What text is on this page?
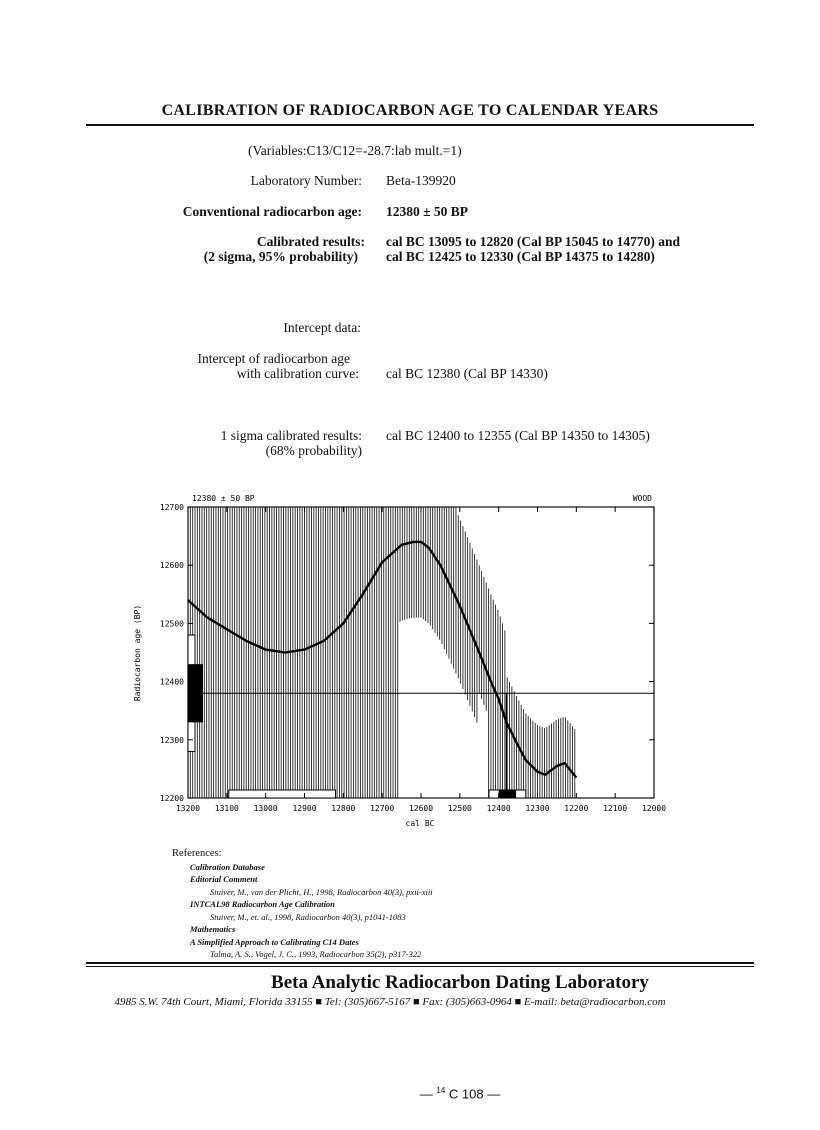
CALIBRATION OF RADIOCARBON AGE TO CALENDAR YEARS
(Variables:C13/C12=-28.7:lab mult.=1)
Laboratory Number: Beta-139920
Conventional radiocarbon age: 12380 ± 50 BP
Calibrated results:
(2 sigma, 95% probability)
cal BC 13095 to 12820 (Cal BP 15045 to 14770) and
cal BC 12425 to 12330 (Cal BP 14375 to 14280)
Intercept data:
Intercept of radiocarbon age
with calibration curve: cal BC 12380 (Cal BP 14330)
1 sigma calibrated results:
(68% probability)
cal BC 12400 to 12355 (Cal BP 14350 to 14305)
13200 13100 13000 12900 12800 12700 12600 12500 12400 12300 12200 12100 12000
12700
12600
12500
12400
12300
12200
12380 ± 50 BP	WOOD
cal BC
Radiocarbon age (BP)
References:
Calibration Database
Editorial Comment
Stuiver, M., van der Plicht, H., 1998, Radiocarbon 40(3), pxii-xiii
INTCAL98 Radiocarbon Age Calibration
Stuiver, M., et. al., 1998, Radiocarbon 40(3), p1041-1083
Mathematics
A Simplified Approach to Calibrating C14 Dates
Talma, A. S., Vogel, J. C., 1993, Radiocarbon 35(2), p317-322
Beta Analytic Radiocarbon Dating Laboratory
4985 S.W. 74th Court, Miami, Florida 33155 ■ Tel: (305)667-5167 ■ Fax: (305)663-0964 ■ E-mail: beta@radiocarbon.com
— $^{14}$ C 108 —
